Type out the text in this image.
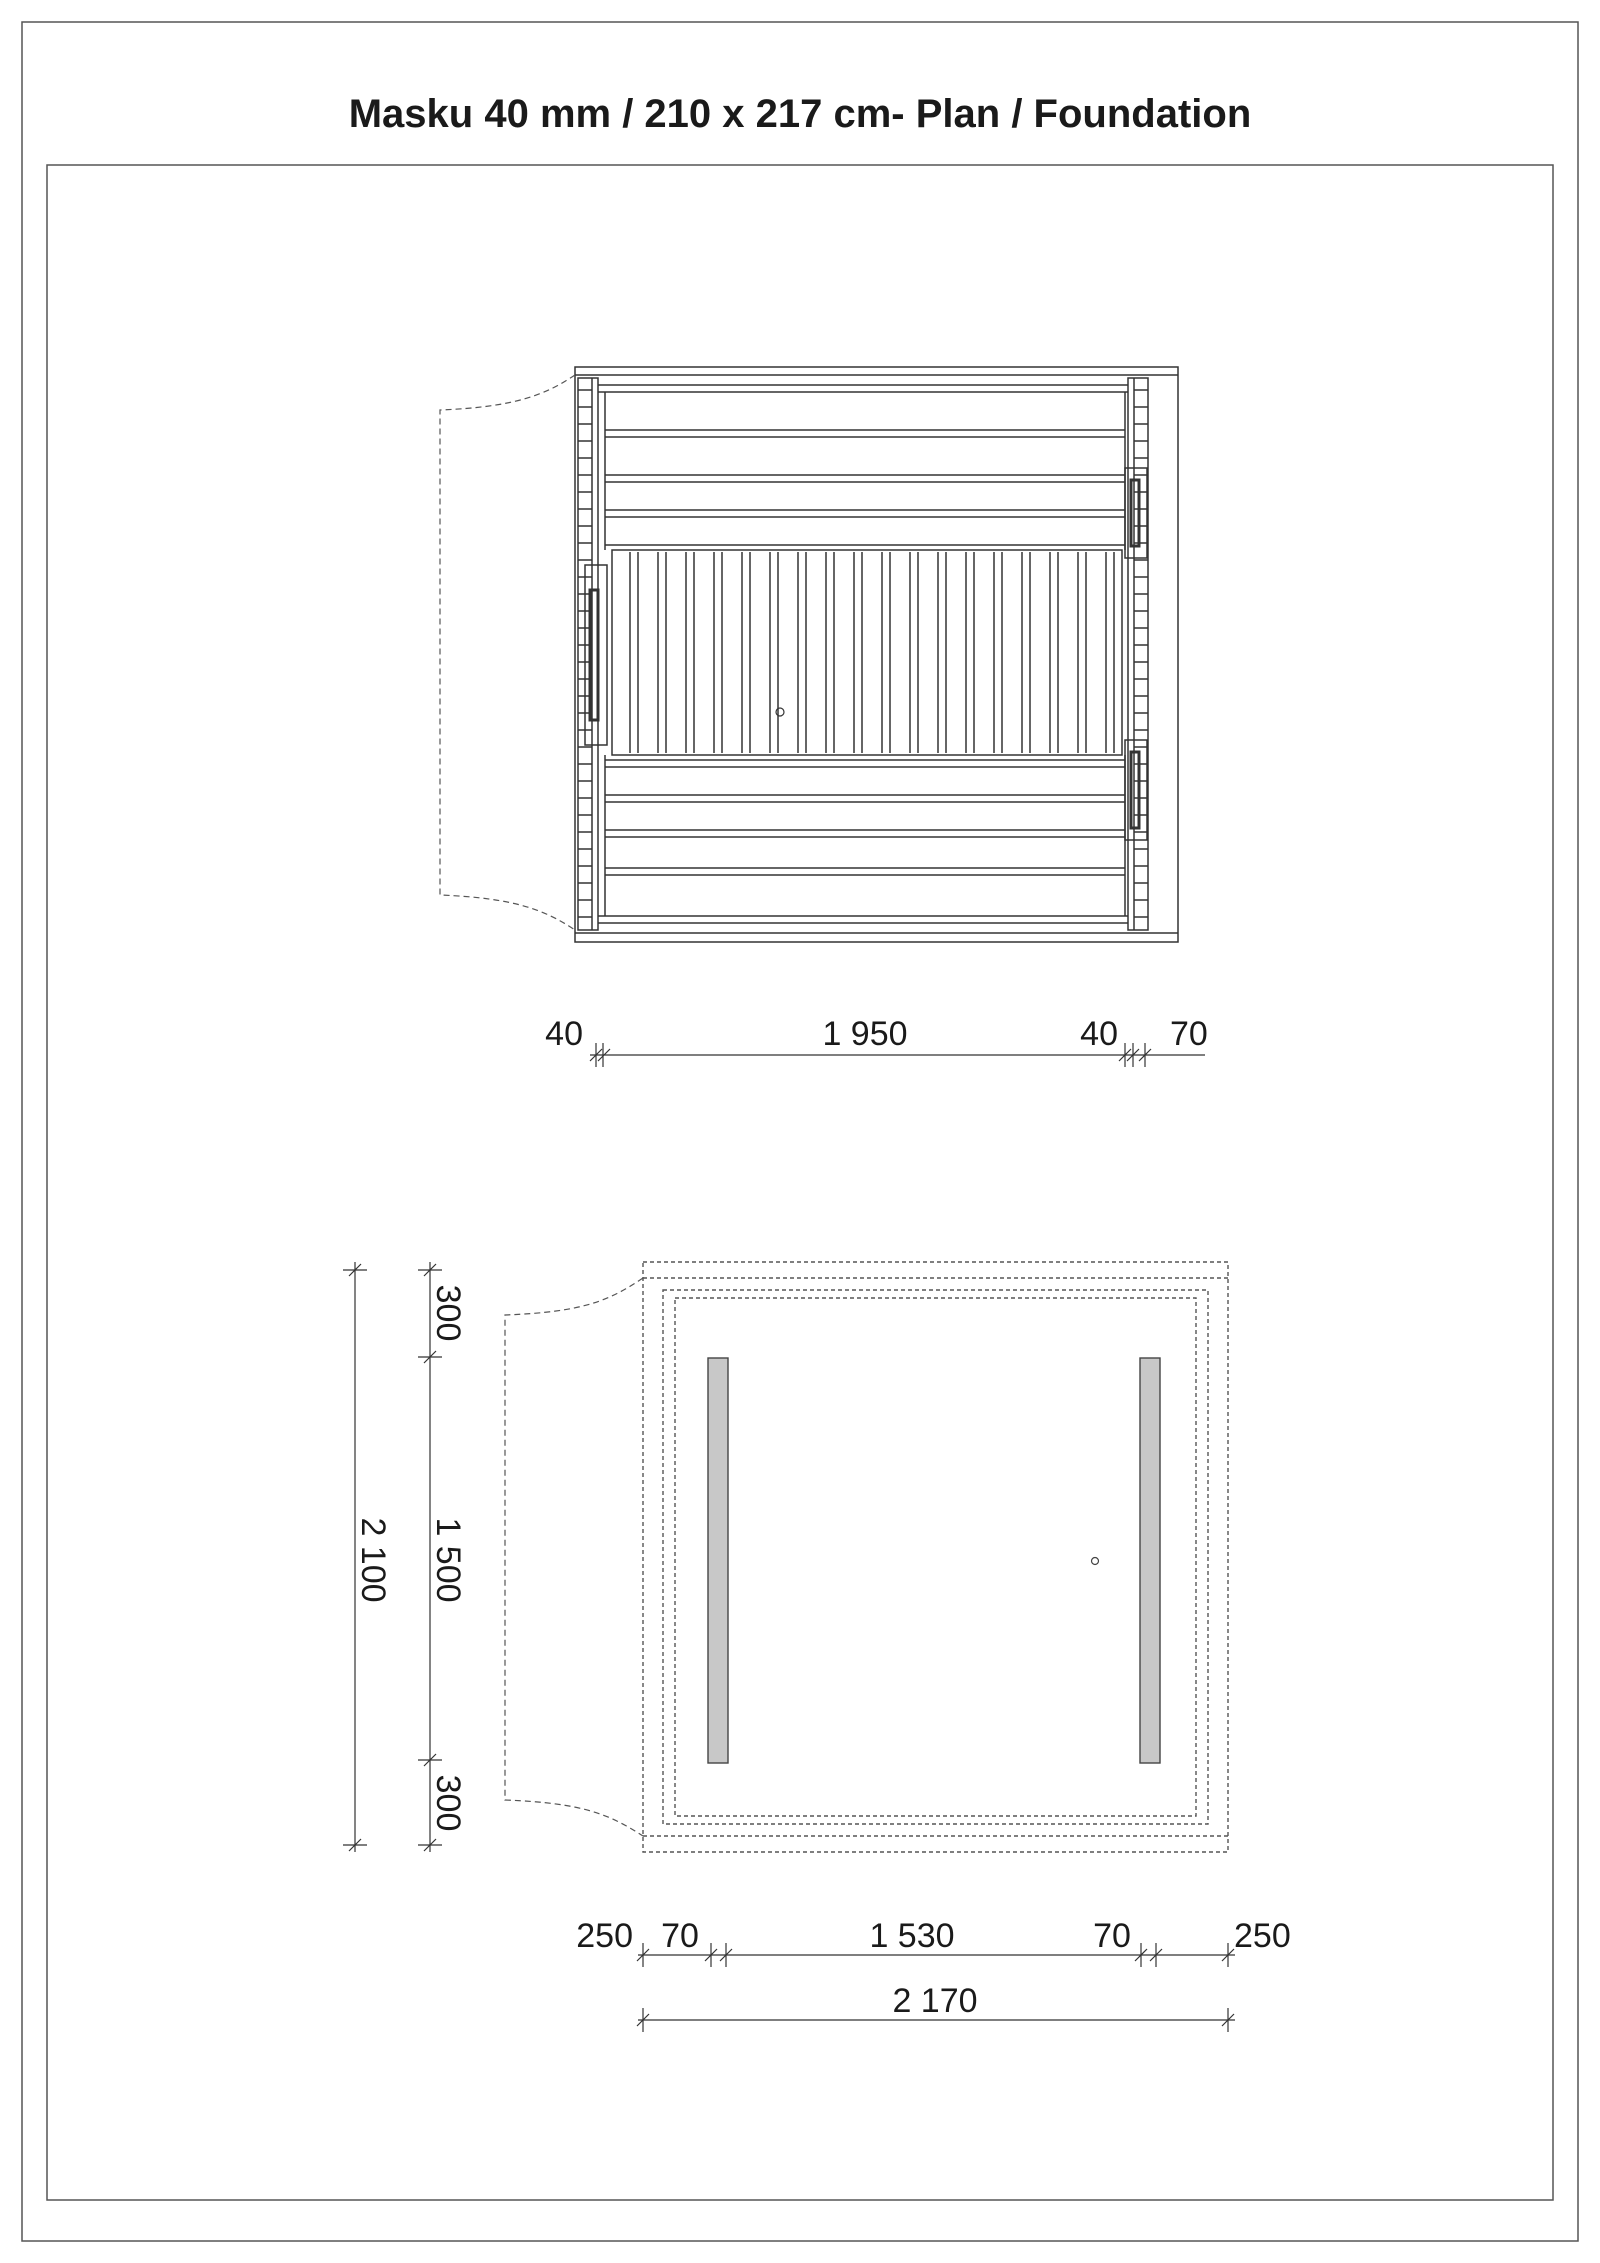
Masku 40 mm / 210 x 217 cm- Plan / Foundation
40	1 950	40 70
250 70	1 530	70	250
2 170
2 100
300
1 500
300
